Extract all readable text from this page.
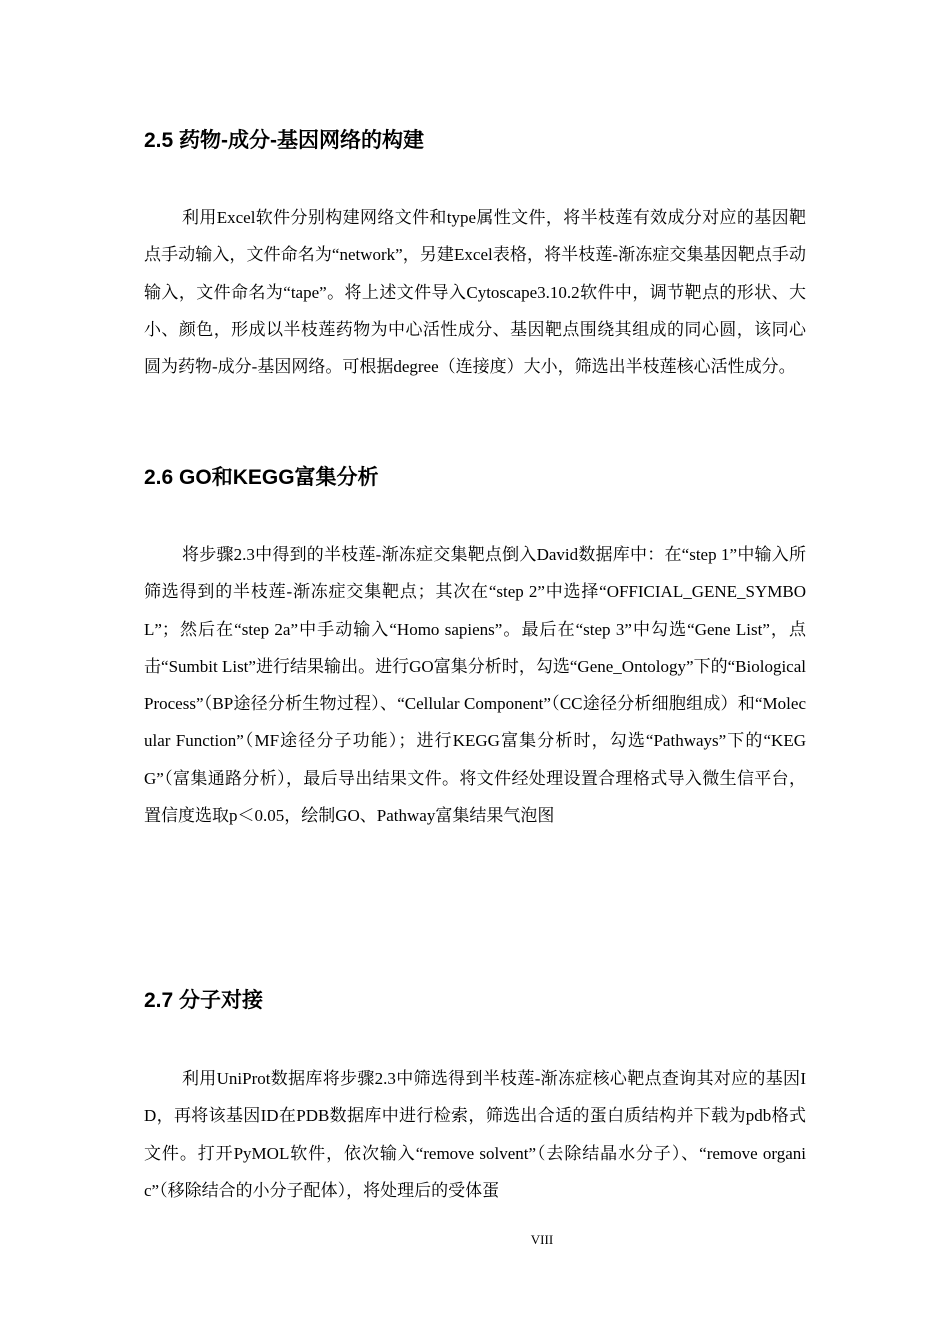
2.5 药物-成分-基因网络的构建

利用Excel软件分别构建网络文件和type属性文件，将半枝莲有效成分对应的基因靶点手动输入，文件命名为“network”，另建Excel表格，将半枝莲-渐冻症交集基因靶点手动输入，文件命名为“tape”。将上述文件导入Cytoscape3.10.2软件中，调节靶点的形状、大小、颜色，形成以半枝莲药物为中心活性成分、基因靶点围绕其组成的同心圆，该同心圆为药物-成分-基因网络。可根据degree（连接度）大小，筛选出半枝莲核心活性成分。

2.6 GO和KEGG富集分析

将步骤2.3中得到的半枝莲-渐冻症交集靶点倒入David数据库中：在“step 1”中输入所筛选得到的半枝莲-渐冻症交集靶点；其次在“step 2”中选择“OFFICIAL_GENE_SYMBOL”；然后在“step 2a”中手动输入“Homo sapiens”。最后在“step 3”中勾选“Gene List”，点击“Sumbit List”进行结果输出。进行GO富集分析时，勾选“Gene_Ontology”下的“Biological Process”（BP途径分析生物过程）、“Cellular Component”（CC途径分析细胞组成）和“Molecular Function”（MF途径分子功能）；进行KEGG富集分析时，勾选“Pathways”下的“KEGG”（富集通路分析），最后导出结果文件。将文件经处理设置合理格式导入微生信平台，置信度选取p＜0.05，绘制GO、Pathway富集结果气泡图

2.7 分子对接

利用UniProt数据库将步骤2.3中筛选得到半枝莲-渐冻症核心靶点查询其对应的基因ID，再将该基因ID在PDB数据库中进行检索，筛选出合适的蛋白质结构并下载为pdb格式文件。打开PyMOL软件，依次输入“remove solvent”（去除结晶水分子）、“remove organic”（移除结合的小分子配体），将处理后的受体蛋

VIII
